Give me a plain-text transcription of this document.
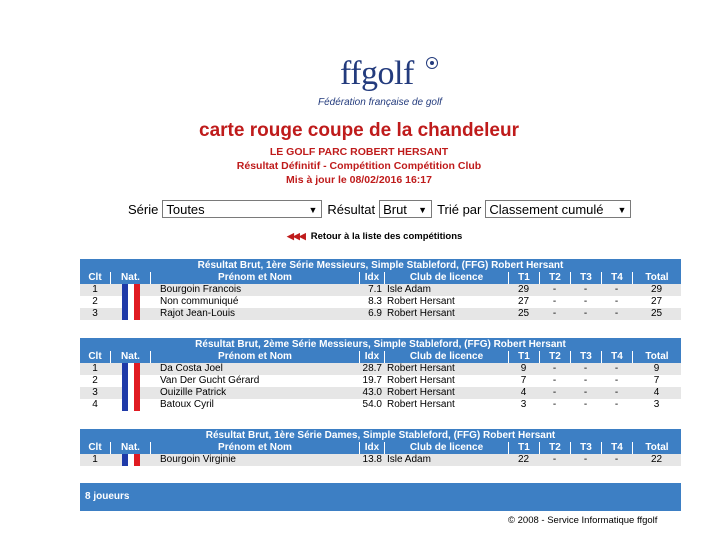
ffgolf
Fédération française de golf
carte rouge coupe de la chandeleur
LE GOLF PARC ROBERT HERSANT
Résultat Définitif - Compétition Compétition Club
Mis à jour le 08/02/2016 16:17
Série Toutes	▼ Résultat Brut ▼ Trié par Classement cumulé ▼
◀◀◀ Retour à la liste des compétitions
Résultat Brut, 1ère Série Messieurs, Simple Stableford, (FFG) Robert Hersant
Clt	Nat.	Prénom et Nom	Idx	Club de licence	T1	T2	T3	T4	Total
1	Bourgoin Francois	7.1 Isle Adam	29	-	-	-	29
2	Non communiqué	8.3 Robert Hersant	27	-	-	-	27
3	Rajot Jean-Louis	6.9 Robert Hersant	25	-	-	-	25
Résultat Brut, 2ème Série Messieurs, Simple Stableford, (FFG) Robert Hersant
Clt	Nat.	Prénom et Nom	Idx	Club de licence	T1	T2	T3	T4	Total
1	Da Costa Joel	28.7 Robert Hersant	9	-	-	-	9
2	Van Der Gucht Gérard	19.7 Robert Hersant	7	-	-	-	7
3	Ouizille Patrick	43.0 Robert Hersant	4	-	-	-	4
4	Batoux Cyril	54.0 Robert Hersant	3	-	-	-	3
Résultat Brut, 1ère Série Dames, Simple Stableford, (FFG) Robert Hersant
Clt	Nat.	Prénom et Nom	Idx	Club de licence	T1	T2	T3	T4	Total
1	Bourgoin Virginie	13.8 Isle Adam	22	-	-	-	22
8 joueurs
© 2008 - Service Informatique ffgolf
